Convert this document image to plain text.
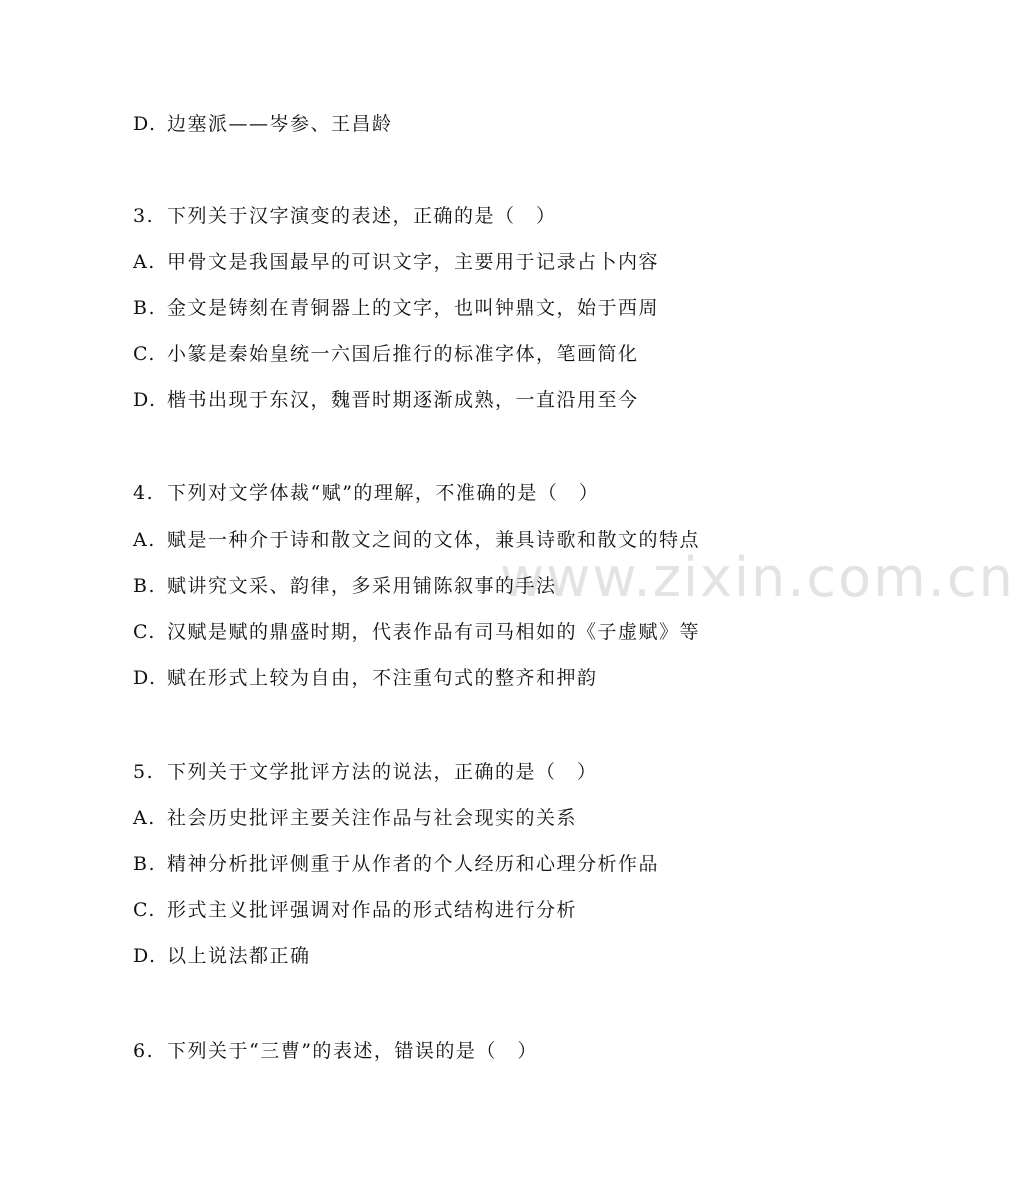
www.zixin.com.cn
D. 边塞派——岑参、王昌龄
3. 下列关于汉字演变的表述，正确的是（　）
A. 甲骨文是我国最早的可识文字，主要用于记录占卜内容
B. 金文是铸刻在青铜器上的文字，也叫钟鼎文，始于西周
C. 小篆是秦始皇统一六国后推行的标准字体，笔画简化
D. 楷书出现于东汉，魏晋时期逐渐成熟，一直沿用至今
4. 下列对文学体裁“赋”的理解，不准确的是（　）
A. 赋是一种介于诗和散文之间的文体，兼具诗歌和散文的特点
B. 赋讲究文采、韵律，多采用铺陈叙事的手法
C. 汉赋是赋的鼎盛时期，代表作品有司马相如的《子虚赋》等
D. 赋在形式上较为自由，不注重句式的整齐和押韵
5. 下列关于文学批评方法的说法，正确的是（　）
A. 社会历史批评主要关注作品与社会现实的关系
B. 精神分析批评侧重于从作者的个人经历和心理分析作品
C. 形式主义批评强调对作品的形式结构进行分析
D. 以上说法都正确
6. 下列关于“三曹”的表述，错误的是（　）
